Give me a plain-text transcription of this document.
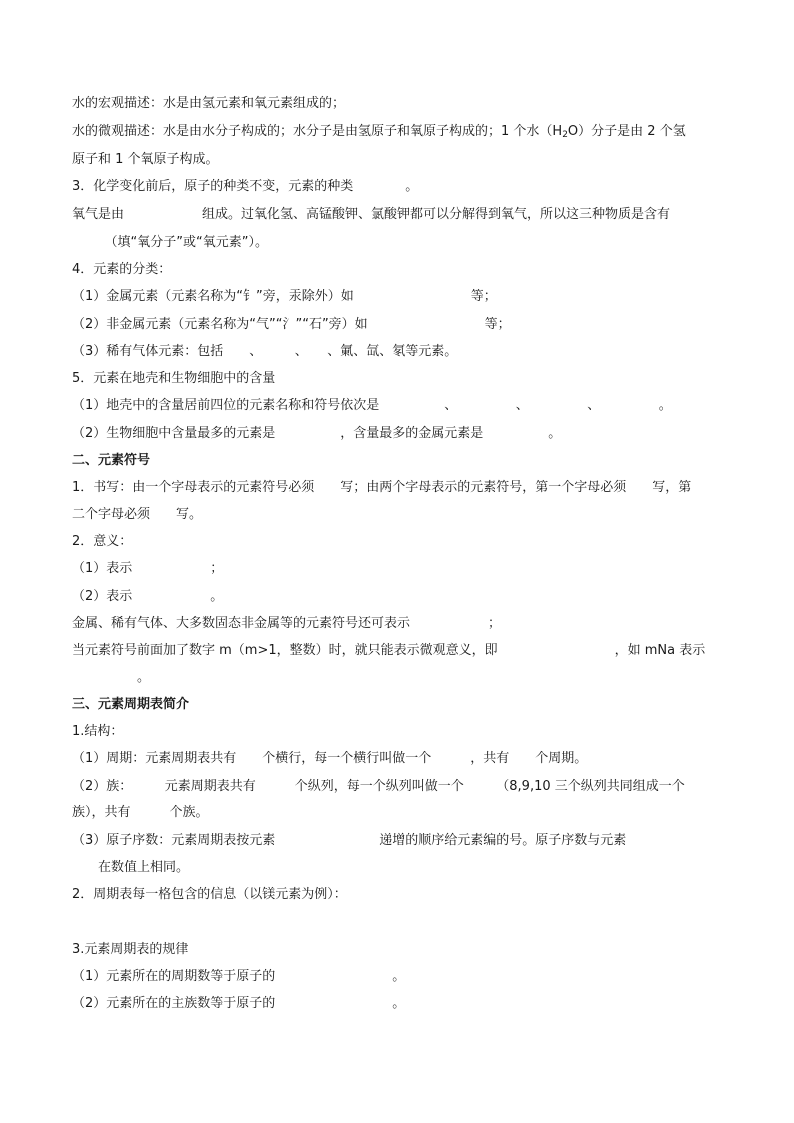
水的宏观描述：水是由氢元素和氧元素组成的；
水的微观描述：水是由水分子构成的；水分子是由氢原子和氧原子构成的；1 个水$(H_2O)$分子是由 2 个氢
原子和 1 个氧原子构成。
3．化学变化前后，原子的种类不变，元素的种类　　　　。
氧气是由　　　　　　组成。过氧化氢、高锰酸钾、氯酸钾都可以分解得到氧气，所以这三种物质是含有
　　　（填“氧分子”或“氧元素”）。
4．元素的分类：
（1）金属元素（元素名称为“钅”旁，汞除外）如　　　　　　　　　等；
（2）非金属元素（元素名称为“气”“氵”“石”旁）如　　　　　　　　　等；
（3）稀有气体元素：包括　　、　　　、　　、氭、氙、氡等元素。
5．元素在地壳和生物细胞中的含量
（1）地壳中的含量居前四位的元素名称和符号依次是　　　　　、　　　　　、　　　　　、　　　　　。
（2）生物细胞中含量最多的元素是　　　　　，含量最多的金属元素是　　　　　。
二、元素符号
1．书写：由一个字母表示的元素符号必须　　写；由两个字母表示的元素符号，第一个字母必须　　写，第
二个字母必须　　写。
2．意义：
（1）表示　　　　　　；
（2）表示　　　　　　。
金属、稀有气体、大多数固态非金属等的元素符号还可表示　　　　　　；
当元素符号前面加了数字 m（m>1，整数）时，就只能表示微观意义，即　　　　　　　　　，如 mNa 表示
　　　　　。
三、元素周期表简介
1.结构：
（1）周期：元素周期表共有　　个横行，每一个横行叫做一个　　　，共有　　个周期。
（2）族：　　　元素周期表共有　　　个纵列，每一个纵列叫做一个　　　（8,9,10 三个纵列共同组成一个
族），共有　　　个族。
（3）原子序数：元素周期表按元素　　　　　　　　递增的顺序给元素编的号。原子序数与元素
　　在数值上相同。
2．周期表每一格包含的信息（以镁元素为例）：
3.元素周期表的规律
（1）元素所在的周期数等于原子的　　　　　　　　　。
（2）元素所在的主族数等于原子的　　　　　　　　　。
